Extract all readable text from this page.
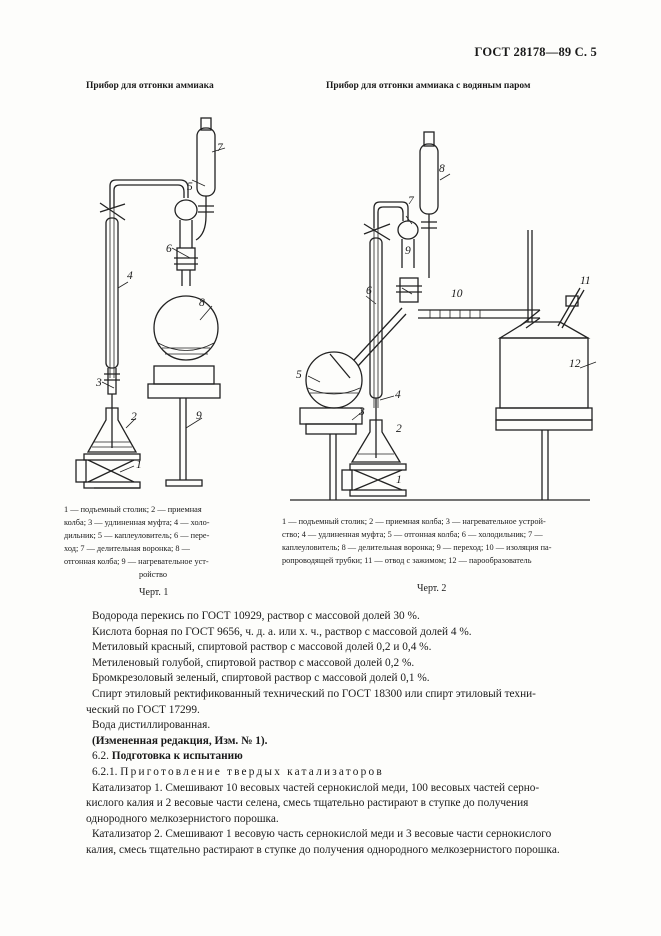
ГОСТ 28178—89 С. 5
Прибор для отгонки аммиака	Прибор для отгонки аммиака с водяным паром
7
5
6
4
8
3
9
2
1
8
7
9
11
6	10
12
5
4
3
2
1
1 — подъемный столик; 2 — приемная
колба; 3 — удлиненная муфта; 4 — холо-
дильник; 5 — каплеуловитель; 6 — пере-
ход; 7 — делительная воронка; 8 —
отгонная колба; 9 — нагревательное уст-
ройство
1 — подъемный столик; 2 — приемная колба; 3 — нагревательное устрой-
ство; 4 — удлиненная муфта; 5 — отгонная колба; 6 — холодильник; 7 —
каплеуловитель; 8 — делительная воронка; 9 — переход; 10 — изоляция па-
ропроводящей трубки; 11 — отвод с зажимом; 12 — парообразователь
Черт. 1	Черт. 2

Водорода перекись по ГОСТ 10929, раствор с массовой долей 30 %.

Кислота борная по ГОСТ 9656, ч. д. а. или х. ч., раствор с массовой долей 4 %.

Метиловый красный, спиртовой раствор с массовой долей 0,2 и 0,4 %.

Метиленовый голубой, спиртовой раствор с массовой долей 0,2 %.

Бромкрезоловый зеленый, спиртовой раствор с массовой долей 0,1 %.

Спирт этиловый ректификованный технический по ГОСТ 18300 или спирт этиловый техни-

ческий по ГОСТ 17299.

Вода дистиллированная.

(Измененная редакция, Изм. № 1).

6.2. Подготовка к испытанию

6.2.1. Приготовление твердых катализаторов

Катализатор 1. Смешивают 10 весовых частей сернокислой меди, 100 весовых частей серно-

кислого калия и 2 весовые части селена, смесь тщательно растирают в ступке до получения

однородного мелкозернистого порошка.

Катализатор 2. Смешивают 1 весовую часть сернокислой меди и 3 весовые части сернокислого

калия, смесь тщательно растирают в ступке до получения однородного мелкозернистого порошка.
